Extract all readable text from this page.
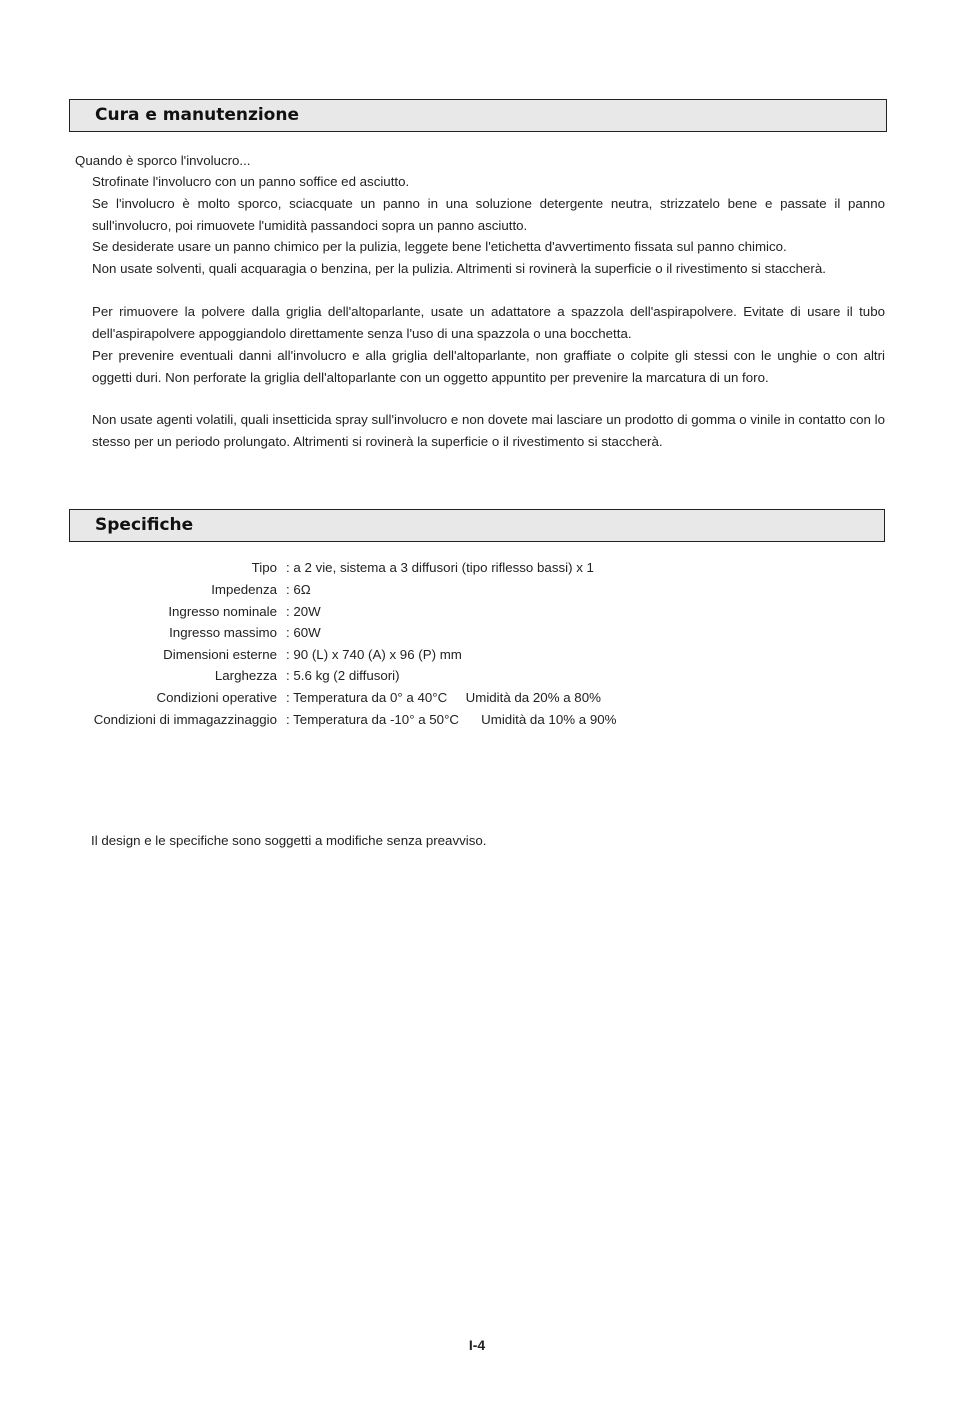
Cura e manutenzione
Quando è sporco l'involucro...
Strofinate l'involucro con un panno soffice ed asciutto.
Se l'involucro è molto sporco, sciacquate un panno in una soluzione detergente neutra, strizzatelo bene e passate il panno sull'involucro, poi rimuovete l'umidità passandoci sopra un panno asciutto.
Se desiderate usare un panno chimico per la pulizia, leggete bene l'etichetta d'avvertimento fissata sul panno chimico.
Non usate solventi, quali acquaragia o benzina, per la pulizia. Altrimenti si rovinerà la superficie o il rivestimento si staccherà.
Per rimuovere la polvere dalla griglia dell'altoparlante, usate un adattatore a spazzola dell'aspirapolvere. Evitate di usare il tubo dell'aspirapolvere appoggiandolo direttamente senza l'uso di una spazzola o una bocchetta.
Per prevenire eventuali danni all'involucro e alla griglia dell'altoparlante, non graffiate o colpite gli stessi con le unghie o con altri oggetti duri. Non perforate la griglia dell'altoparlante con un oggetto appuntito per prevenire la marcatura di un foro.
Non usate agenti volatili, quali insetticida spray sull'involucro e non dovete mai lasciare un prodotto di gomma o vinile in contatto con lo stesso per un periodo prolungato. Altrimenti si rovinerà la superficie o il rivestimento si staccherà.
Specifiche
Tipo : a 2 vie, sistema a 3 diffusori (tipo riflesso bassi) x 1
Impedenza : 6Ω
Ingresso nominale : 20W
Ingresso massimo : 60W
Dimensioni esterne : 90 (L) x 740 (A) x 96 (P) mm
Larghezza : 5.6 kg (2 diffusori)
Condizioni operative : Temperatura da 0° a 40°C     Umidità da 20% a 80%
Condizioni di immagazzinaggio : Temperatura da -10° a 50°C      Umidità da 10% a 90%
Il design e le specifiche sono soggetti a modifiche senza preavviso.
I-4
